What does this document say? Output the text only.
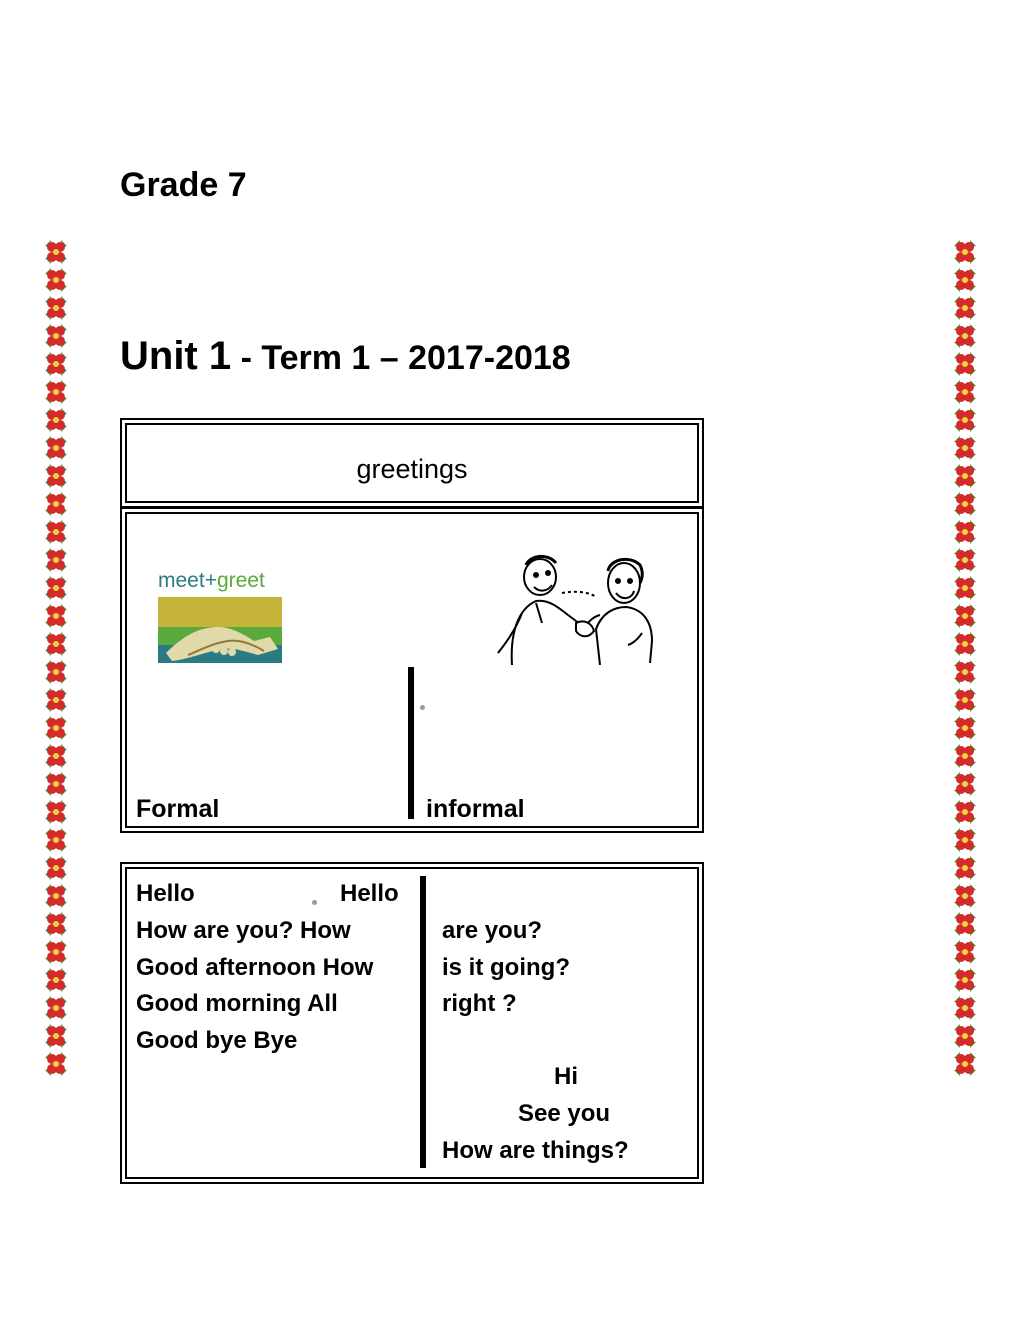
Grade 7
Unit 1 - Term 1 – 2017-2018
greetings
meet+greet
Formal	informal
Hello
How are you? How
Good afternoon How
Good morning All
Good bye Bye
Hello
are you?
is it going?
right ?
Hi
See you
How are things?
